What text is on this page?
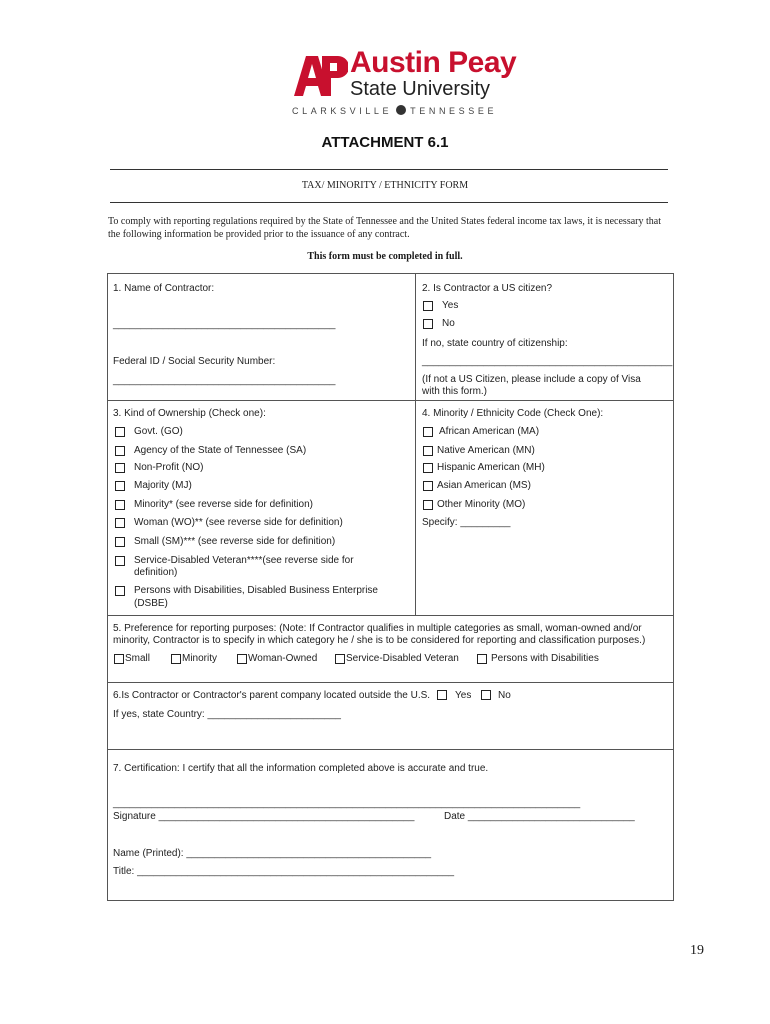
Austin Peay
State University
CLARKSVILLE TENNESSEE
ATTACHMENT 6.1
TAX/ MINORITY / ETHNICITY FORM
To comply with reporting regulations required by the State of Tennessee and the United States federal income tax laws, it is necessary that the following information be provided prior to the issuance of any contract.
This form must be completed in full.
1. Name of Contractor:
________________________________________
Federal ID / Social Security Number:
________________________________________
2. Is Contractor a US citizen?
Yes
No
If no, state country of citizenship:
_____________________________________________
(If not a US Citizen, please include a copy of Visa
with this form.)
3. Kind of Ownership (Check one):
Govt. (GO)
Agency of the State of Tennessee (SA)
Non-Profit (NO)
Majority (MJ)
Minority* (see reverse side for definition)
Woman (WO)** (see reverse side for definition)
Small (SM)*** (see reverse side for definition)
Service-Disabled Veteran****(see reverse side for
definition)
Persons with Disabilities, Disabled Business Enterprise
(DSBE)
4. Minority / Ethnicity Code (Check One):
African American (MA)
Native American (MN)
Hispanic American (MH)
Asian American (MS)
Other Minority (MO)
Specify: _________
5. Preference for reporting purposes: (Note: If Contractor qualifies in multiple categories as small, woman-owned and/or
minority, Contractor is to specify in which category he / she is to be considered for reporting and classification purposes.)
Small	Minority	Woman-Owned	Service-Disabled Veteran	Persons with Disabilities
6.Is Contractor or Contractor's parent company located outside the U.S. Yes	No
If yes, state Country: ________________________
7. Certification: I certify that all the information completed above is accurate and true.
____________________________________________________________________________________
Signature ______________________________________________	Date ______________________________
Name (Printed): ____________________________________________
Title: _________________________________________________________
19
